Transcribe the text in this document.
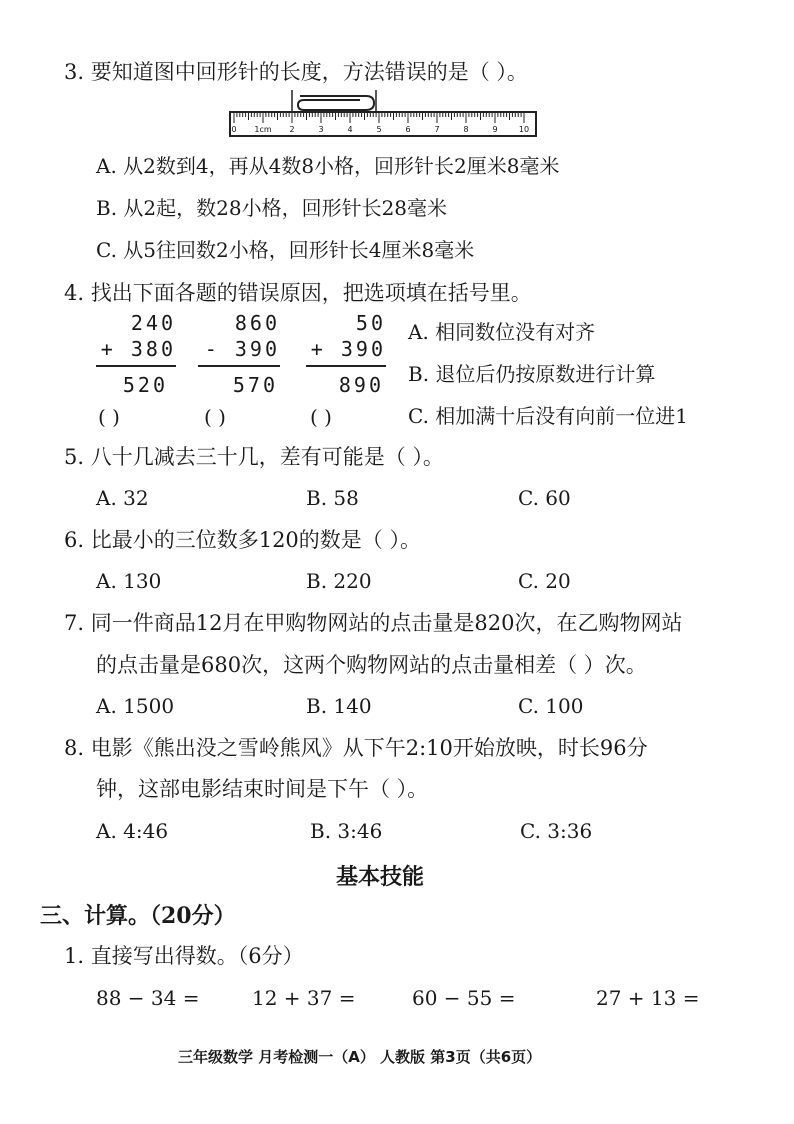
3. 要知道图中回形针的长度，方法错误的是（ ）。
0 1cm 2	3	4	5	6	7	8	9	10
A. 从2数到4，再从4数8小格，回形针长2厘米8毫米
B. 从2起，数28小格，回形针长28毫米
C. 从5往回数2小格，回形针长4厘米8毫米
4. 找出下面各题的错误原因，把选项填在括号里。
240
+ 380
520
860
- 390
570
50
+ 390
890
( )	( )	( )
A. 相同数位没有对齐
B. 退位后仍按原数进行计算
C. 相加满十后没有向前一位进1
5. 八十几减去三十几，差有可能是（ ）。
A. 32	B. 58	C. 60
6. 比最小的三位数多120的数是（ ）。
A. 130	B. 220	C. 20
7. 同一件商品12月在甲购物网站的点击量是820次，在乙购物网站
的点击量是680次，这两个购物网站的点击量相差（ ）次。
A. 1500	B. 140	C. 100
8. 电影《熊出没之雪岭熊风》从下午2:10开始放映，时长96分
钟，这部电影结束时间是下午（ ）。
A. 4:46	B. 3:46	C. 3:36
基本技能
三、计算。（20分）
1. 直接写出得数。（6分）
88 − 34 =	12 + 37 =	60 − 55 =	27 + 13 =
三年级数学 月考检测一（A） 人教版 第3页（共6页）
